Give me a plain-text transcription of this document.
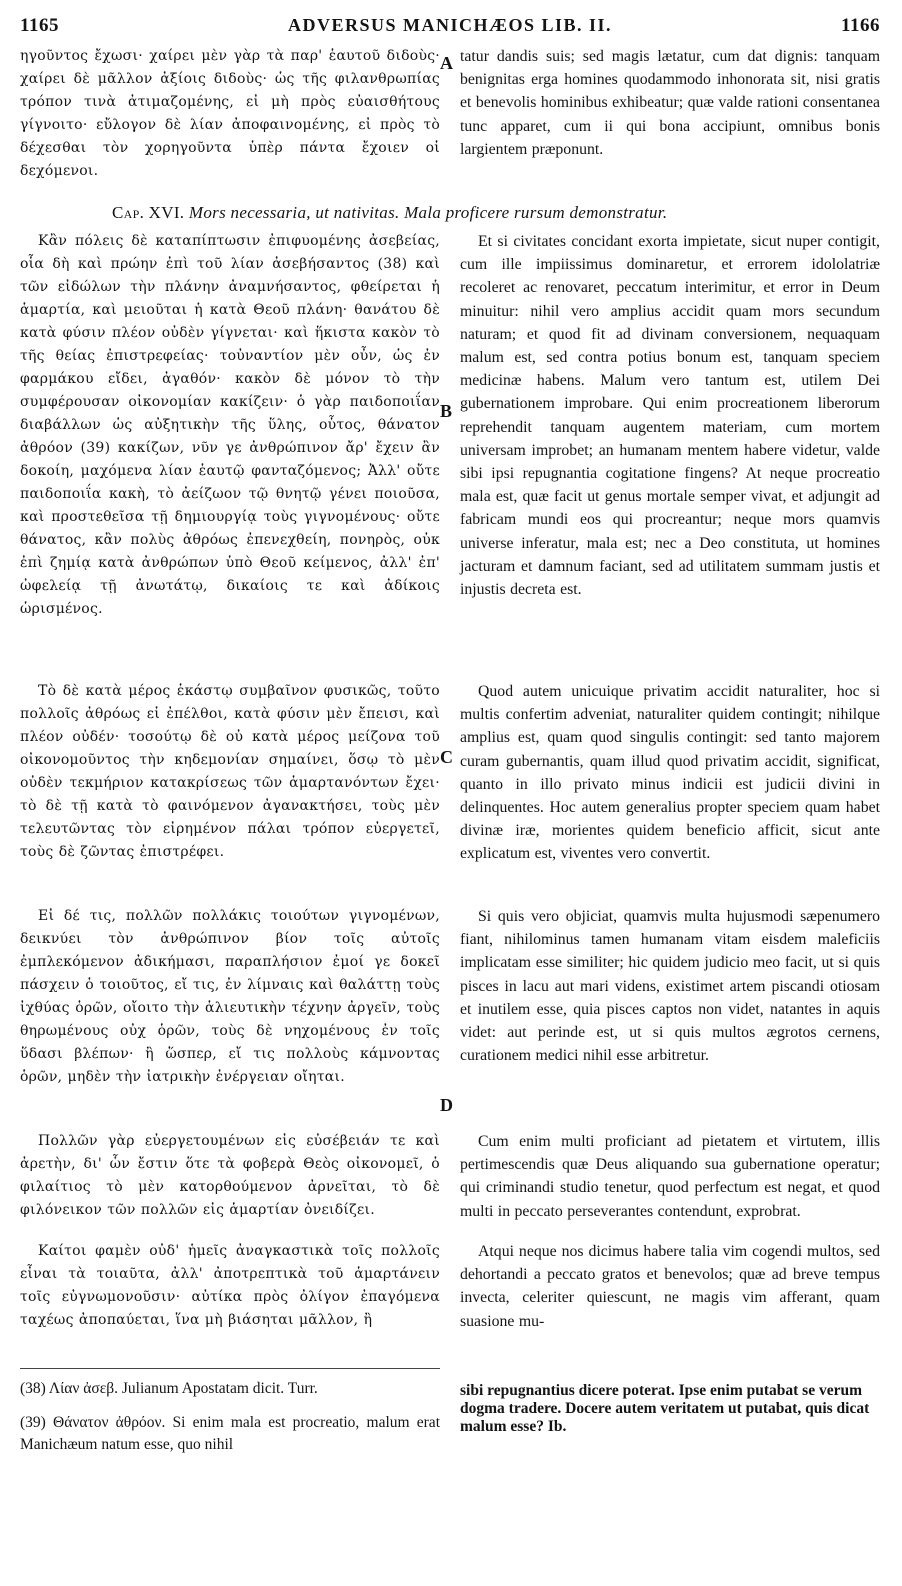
1165	ADVERSUS MANICHÆOS LIB. II.	1166

ηγοῦντος ἔχωσι· χαίρει μὲν γὰρ τὰ παρ' ἑαυτοῦ διδοὺς· χαίρει δὲ μᾶλλον ἀξίοις διδοὺς· ὡς τῆς φιλανθρωπίας τρόπον τινὰ ἀτιμαζομένης, εἰ μὴ πρὸς εὐαισθήτους γίγνοιτο· εὔλογον δὲ λίαν ἀποφαινομένης, εἰ πρὸς τὸ δέχεσθαι τὸν χορηγοῦντα ὑπὲρ πάντα ἔχοιεν οἱ δεχόμενοι.

Κἂν πόλεις δὲ καταπίπτωσιν ἐπιφυομένης ἀσεβείας, οἷα δὴ καὶ πρώην ἐπὶ τοῦ λίαν ἀσεβήσαντος (38) καὶ τῶν εἰδώλων τὴν πλάνην ἀναμνήσαντος, φθείρεται ἡ ἁμαρτία, καὶ μειοῦται ἡ κατὰ Θεοῦ πλάνη· θανάτου δὲ κατὰ φύσιν πλέον οὐδὲν γίγνεται· καὶ ἥκιστα κακὸν τὸ τῆς θείας ἐπιστρεφείας· τοὐναντίον μὲν οὖν, ὡς ἐν φαρμάκου εἴδει, ἀγαθόν· κακὸν δὲ μόνον τὸ τὴν συμφέρουσαν οἰκονομίαν κακίζειν· ὁ γὰρ παιδοποιΐαν διαβάλλων ὡς αὐξητικὴν τῆς ὕλης, οὗτος, θάνατον ἀθρόον (39) κακίζων, νῦν γε ἀνθρώπινον ἄρ' ἔχειν ἂν δοκοίη, μαχόμενα λίαν ἑαυτῷ φανταζόμενος; Ἀλλ' οὔτε παιδοποιΐα κακὴ, τὸ ἀείζωον τῷ θνητῷ γένει ποιοῦσα, καὶ προστεθεῖσα τῇ δημιουργίᾳ τοὺς γιγνομένους· οὔτε θάνατος, κἂν πολὺς ἀθρόως ἐπενεχθείη, πονηρὸς, οὐκ ἐπὶ ζημίᾳ κατὰ ἀνθρώπων ὑπὸ Θεοῦ κείμενος, ἀλλ' ἐπ' ὠφελείᾳ τῇ ἀνωτάτῳ, δικαίοις τε καὶ ἀδίκοις ὡρισμένος.

Τὸ δὲ κατὰ μέρος ἑκάστῳ συμβαῖνον φυσικῶς, τοῦτο πολλοῖς ἀθρόως εἰ ἐπέλθοι, κατὰ φύσιν μὲν ἔπεισι, καὶ πλέον οὐδέν· τοσούτῳ δὲ οὐ κατὰ μέρος μείζονα τοῦ οἰκονομοῦντος τὴν κηδεμονίαν σημαίνει, ὅσῳ τὸ μὲν οὐδὲν τεκμήριον κατακρίσεως τῶν ἁμαρτανόντων ἔχει· τὸ δὲ τῇ κατὰ τὸ φαινόμενον ἀγανακτήσει, τοὺς μὲν τελευτῶντας τὸν εἰρημένον πάλαι τρόπον εὐεργετεῖ, τοὺς δὲ ζῶντας ἐπιστρέφει.

Εἰ δέ τις, πολλῶν πολλάκις τοιούτων γιγνομένων, δεικνύει τὸν ἀνθρώπινον βίον τοῖς αὐτοῖς ἐμπλεκόμενον ἀδικήμασι, παραπλήσιον ἐμοί γε δοκεῖ πάσχειν ὁ τοιοῦτος, εἴ τις, ἐν λίμναις καὶ θαλάττῃ τοὺς ἰχθύας ὁρῶν, οἴοιτο τὴν ἁλιευτικὴν τέχνην ἀργεῖν, τοὺς θηρωμένους οὐχ ὁρῶν, τοὺς δὲ νηχομένους ἐν τοῖς ὕδασι βλέπων· ἢ ὥσπερ, εἴ τις πολλοὺς κάμνοντας ὁρῶν, μηδὲν τὴν ἰατρικὴν ἐνέργειαν οἴηται.

Πολλῶν γὰρ εὐεργετουμένων εἰς εὐσέβειάν τε καὶ ἀρετὴν, δι' ὧν ἔστιν ὅτε τὰ φοβερὰ Θεὸς οἰκονομεῖ, ὁ φιλαίτιος τὸ μὲν κατορθούμενον ἀρνεῖται, τὸ δὲ φιλόνεικον τῶν πολλῶν εἰς ἁμαρτίαν ὀνειδίζει.

Καίτοι φαμὲν οὐδ' ἡμεῖς ἀναγκαστικὰ τοῖς πολλοῖς εἶναι τὰ τοιαῦτα, ἀλλ' ἀποτρεπτικὰ τοῦ ἁμαρτάνειν τοῖς εὐγνωμονοῦσιν· αὐτίκα πρὸς ὀλίγον ἐπαγόμενα ταχέως ἀποπαύεται, ἵνα μὴ βιάσηται μᾶλλον, ἢ

Cap. XVI. Mors necessaria, ut nativitas. Mala proficere rursum demonstratur.
A
B
C
D

tatur dandis suis; sed magis lætatur, cum dat dignis: tanquam benignitas erga homines quodammodo inhonorata sit, nisi gratis et benevolis hominibus exhibeatur; quæ valde rationi consentanea tunc apparet, cum ii qui bona accipiunt, omnibus bonis largientem præponunt.

Et si civitates concidant exorta impietate, sicut nuper contigit, cum ille impiissimus dominaretur, et errorem idololatriæ recoleret ac renovaret, peccatum interimitur, et error in Deum minuitur: nihil vero amplius accidit quam mors secundum naturam; et quod fit ad divinam conversionem, nequaquam malum est, sed contra potius bonum est, tanquam speciem medicinæ habens. Malum vero tantum est, utilem Dei gubernationem improbare. Qui enim procreationem liberorum reprehendit tanquam augentem materiam, cum mortem universam improbet; an humanam mentem habere videtur, valde sibi ipsi repugnantia cogitatione fingens? At neque procreatio mala est, quæ facit ut genus mortale semper vivat, et adjungit ad fabricam mundi eos qui procreantur; neque mors quamvis universe inferatur, mala est; nec a Deo constituta, ut homines jacturam et damnum faciant, sed ad utilitatem summam justis et injustis decreta est.

Quod autem unicuique privatim accidit naturaliter, hoc si multis confertim adveniat, naturaliter quidem contingit; nihilque amplius est, quam quod singulis contingit: sed tanto majorem curam gubernantis, quam illud quod privatim accidit, significat, quanto in illo privato minus indicii est judicii divini in delinquentes. Hoc autem generalius propter speciem quam habet divinæ iræ, morientes quidem beneficio afficit, sicut ante explicatum est, viventes vero convertit.

Si quis vero objiciat, quamvis multa hujusmodi sæpenumero fiant, nihilominus tamen humanam vitam eisdem maleficiis implicatam esse similiter; hic quidem judicio meo facit, ut si quis pisces in lacu aut mari videns, existimet artem piscandi otiosam et inutilem esse, quia pisces captos non videt, natantes in aquis videt: aut perinde est, ut si quis multos ægrotos cernens, curationem medici nihil esse arbitretur.

Cum enim multi proficiant ad pietatem et virtutem, illis pertimescendis quæ Deus aliquando sua gubernatione operatur; qui criminandi studio tenetur, quod perfectum est negat, et quod multi in peccato perseverantes contendunt, exprobrat.

Atqui neque nos dicimus habere talia vim cogendi multos, sed dehortandi a peccato gratos et benevolos; quæ ad breve tempus invecta, celeriter quiescunt, ne magis vim afferant, quam suasione mu-

(38) Λίαν ἀσεβ. Julianum Apostatam dicit. Turr.
(39) Θάνατον ἀθρόον. Si enim mala est procreatio, malum erat Manichæum natum esse, quo nihil
sibi repugnantius dicere poterat. Ipse enim putabat se verum dogma tradere. Docere autem veritatem ut putabat, quis dicat malum esse? Ib.
